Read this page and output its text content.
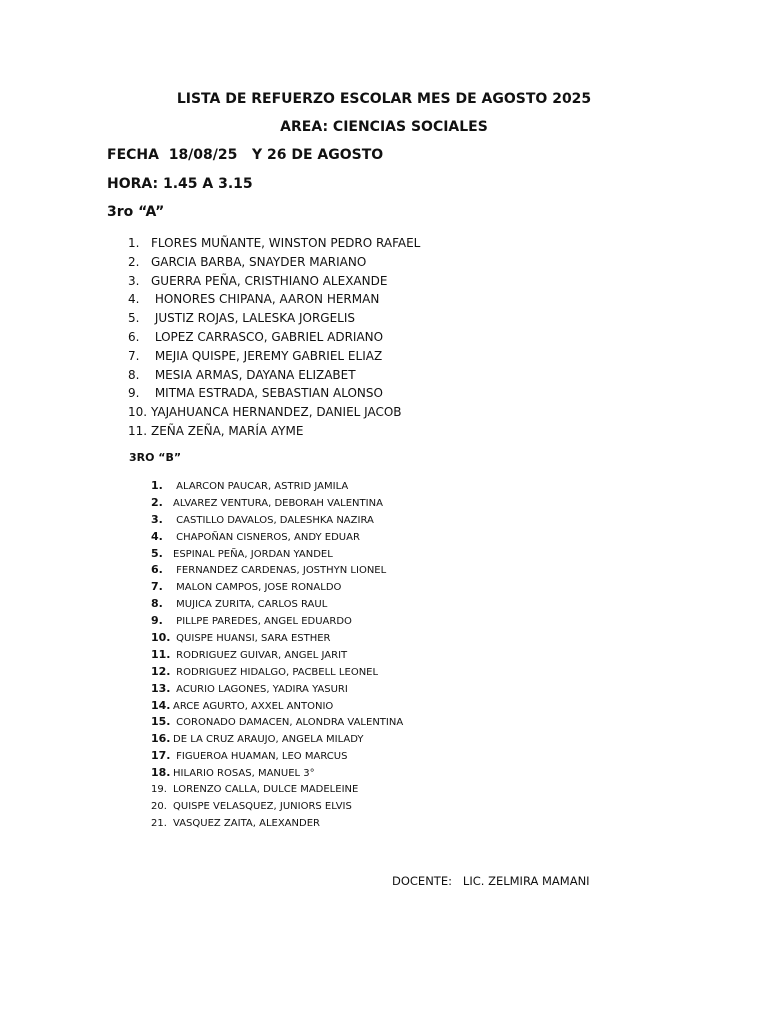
LISTA DE REFUERZO ESCOLAR MES DE AGOSTO 2025
AREA: CIENCIAS SOCIALES
FECHA  18/08/25   Y 26 DE AGOSTO
HORA: 1.45 A 3.15
3ro “A”
1. FLORES MUÑANTE, WINSTON PEDRO RAFAEL
2. GARCIA BARBA, SNAYDER MARIANO
3. GUERRA PEÑA, CRISTHIANO ALEXANDE
4. HONORES CHIPANA, AARON HERMAN
5. JUSTIZ ROJAS, LALESKA JORGELIS
6. LOPEZ CARRASCO, GABRIEL ADRIANO
7. MEJIA QUISPE, JEREMY GABRIEL ELIAZ
8. MESIA ARMAS, DAYANA ELIZABET
9. MITMA ESTRADA, SEBASTIAN ALONSO
10. YAJAHUANCA HERNANDEZ, DANIEL JACOB
11. ZEÑA ZEÑA, MARÍA AYME
3RO “B”
1. ALARCON PAUCAR, ASTRID JAMILA
2. ALVAREZ VENTURA, DEBORAH VALENTINA
3. CASTILLO DAVALOS, DALESHKA NAZIRA
4. CHAPOÑAN CISNEROS, ANDY EDUAR
5. ESPINAL PEÑA, JORDAN YANDEL
6. FERNANDEZ CARDENAS, JOSTHYN LIONEL
7. MALON CAMPOS, JOSE RONALDO
8. MUJICA ZURITA, CARLOS RAUL
9. PILLPE PAREDES, ANGEL EDUARDO
10. QUISPE HUANSI, SARA ESTHER
11. RODRIGUEZ GUIVAR, ANGEL JARIT
12. RODRIGUEZ HIDALGO, PACBELL LEONEL
13. ACURIO LAGONES, YADIRA YASURI
14. ARCE AGURTO, AXXEL ANTONIO
15. CORONADO DAMACEN, ALONDRA VALENTINA
16. DE LA CRUZ ARAUJO, ANGELA MILADY
17. FIGUEROA HUAMAN, LEO MARCUS
18. HILARIO ROSAS, MANUEL 3°
19. LORENZO CALLA, DULCE MADELEINE
20. QUISPE VELASQUEZ, JUNIORS ELVIS
21. VASQUEZ ZAITA, ALEXANDER
DOCENTE:   LIC. ZELMIRA MAMANI
